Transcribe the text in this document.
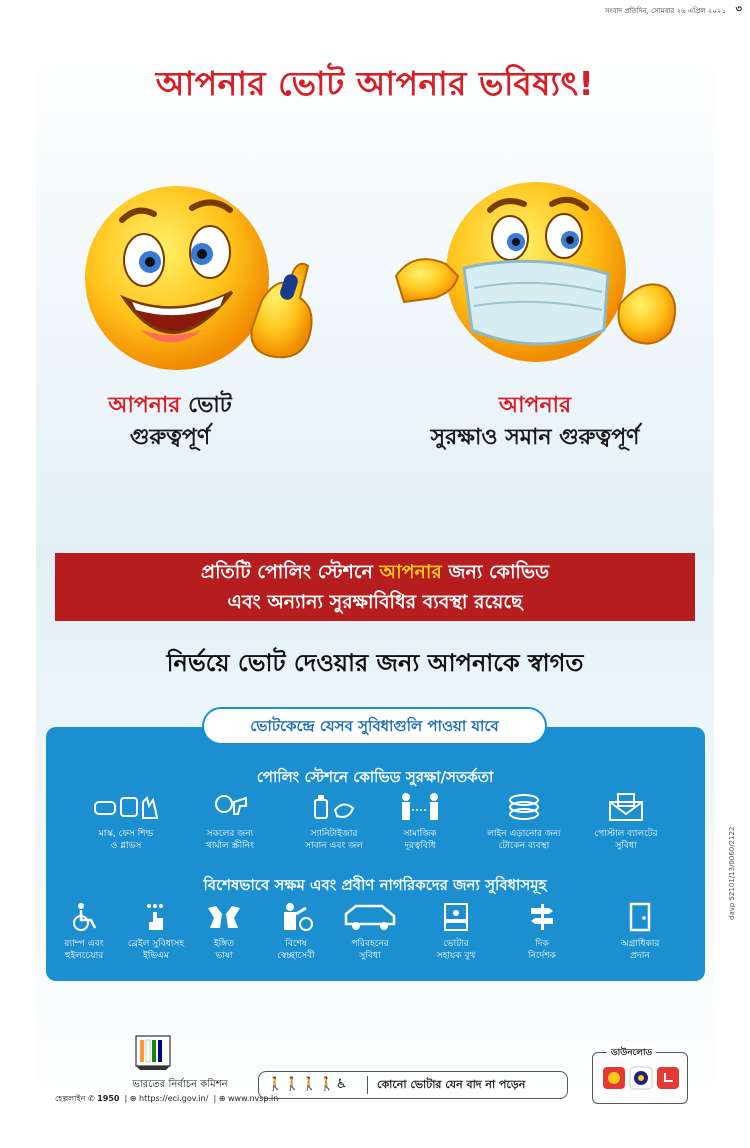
সংবাদ প্রতিদিন, সোমবার ২৬ এপ্রিল ২০২১ ৩
আপনার ভোট আপনার ভবিষ্যৎ!
আপনার ভোট
গুরুত্বপূর্ণ
আপনার
সুরক্ষাও সমান গুরুত্বপূর্ণ
প্রতিটি পোলিং স্টেশনে আপনার জন্য কোভিড
এবং অন্যান্য সুরক্ষাবিধির ব্যবস্থা রয়েছে
নির্ভয়ে ভোট দেওয়ার জন্য আপনাকে স্বাগত
ভোটকেন্দ্রে যেসব সুবিধাগুলি পাওয়া যাবে
পোলিং স্টেশনে কোভিড সুরক্ষা/সতর্কতা
মাস্ক, ফেস শিল্ড
ও গ্লাভস
সকলের জন্য
থার্মাল স্ক্রীনিং
স্যানিটাইজার
সাবান এবং জল
সামাজিক
দূরত্ববিধি
লাইন এড়ানোর জন্য
টোকেন ব্যবস্থা
পোস্টাল ব্যালটের
সুবিধা
বিশেষভাবে সক্ষম এবং প্রবীণ নাগরিকদের জন্য সুবিধাসমূহ
র‍্যাম্প এবং
হুইলচেয়ার
ব্রেইল সুবিধাসহ
ইভিএম
ইঙ্গিত
ভাষা
বিশেষ
স্বেচ্ছাসেবী
পরিবহনের
সুবিধা
ভোটার
সহায়ক বুথ
দিক
নির্দেশক
অগ্রাধিকার
প্রদান
ভারতের নির্বাচন কমিশন
হেল্পলাইন ✆ 1950  | ⊕ https://eci.gov.in/  | ⊕ www.nvsp.in
🚶🚶🚶🚶♿	কোনো ভোটার যেন বাদ না পড়েন
ডাউনলোড
davp 52101/13/0060/2122
